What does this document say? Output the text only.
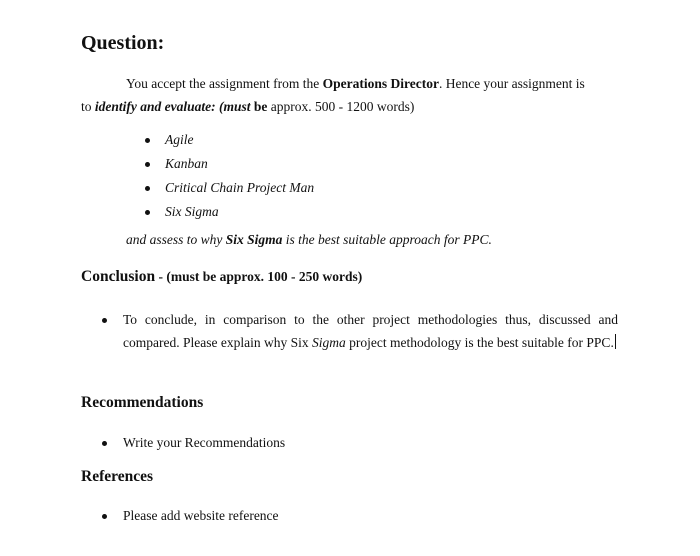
Question:
You accept the assignment from the Operations Director. Hence your assignment is
to identify and evaluate: (must be approx. 500 - 1200 words)
Agile
Kanban
Critical Chain Project Man
Six Sigma
and assess to why Six Sigma is the best suitable approach for PPC.
Conclusion - (must be approx. 100 - 250 words)
To conclude, in comparison to the other project methodologies thus, discussed and compared. Please explain why Six Sigma project methodology is the best suitable for PPC.
Recommendations
Write your Recommendations
References
Please add website reference
